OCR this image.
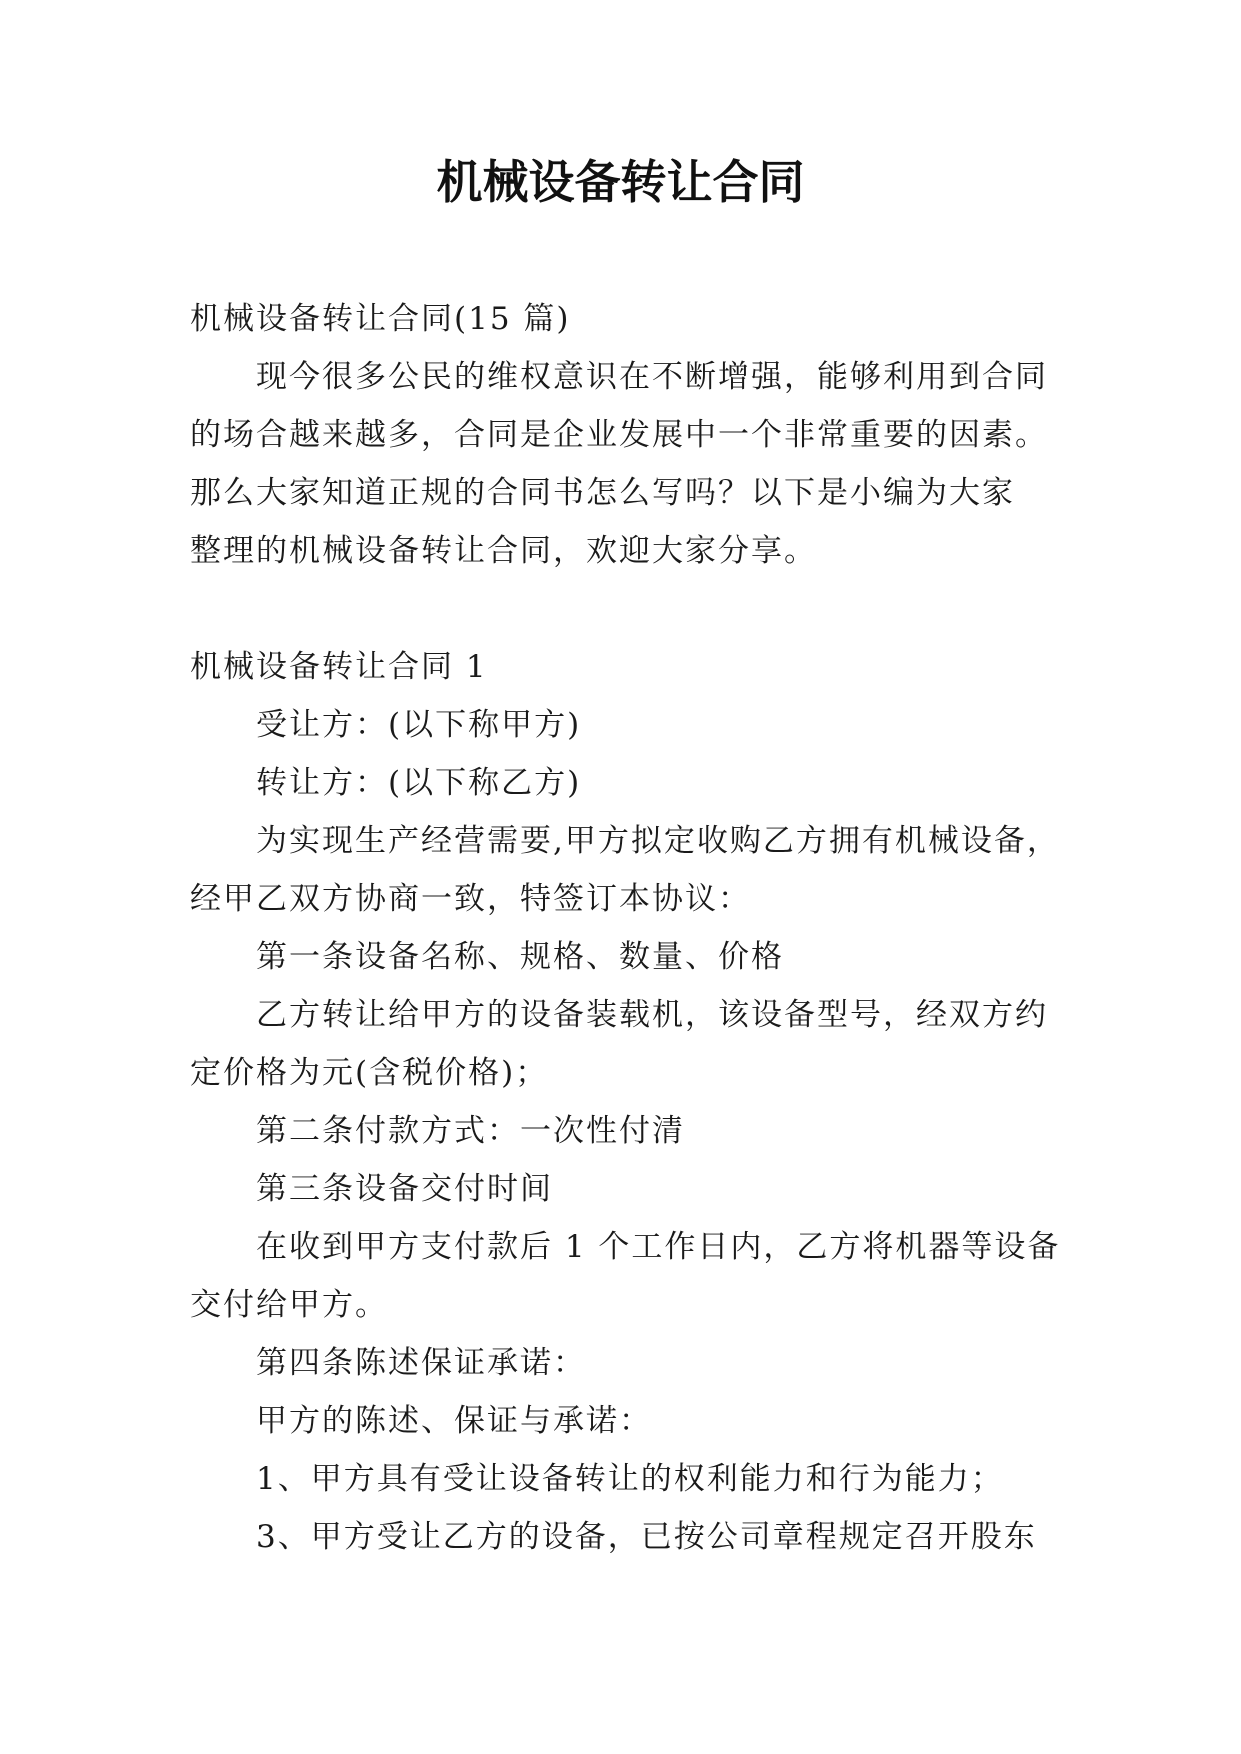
机械设备转让合同

机械设备转让合同(15 篇)

现今很多公民的维权意识在不断增强，能够利用到合同

的场合越来越多，合同是企业发展中一个非常重要的因素。

那么大家知道正规的合同书怎么写吗？以下是小编为大家

整理的机械设备转让合同，欢迎大家分享。

机械设备转让合同 1

受让方：(以下称甲方)

转让方：(以下称乙方)

为实现生产经营需要,甲方拟定收购乙方拥有机械设备，

经甲乙双方协商一致，特签订本协议：

第一条设备名称、规格、数量、价格

乙方转让给甲方的设备装载机，该设备型号，经双方约

定价格为元(含税价格)；

第二条付款方式：一次性付清

第三条设备交付时间

在收到甲方支付款后 1 个工作日内，乙方将机器等设备

交付给甲方。

第四条陈述保证承诺：

甲方的陈述、保证与承诺：

1、甲方具有受让设备转让的权利能力和行为能力；

3、甲方受让乙方的设备，已按公司章程规定召开股东
